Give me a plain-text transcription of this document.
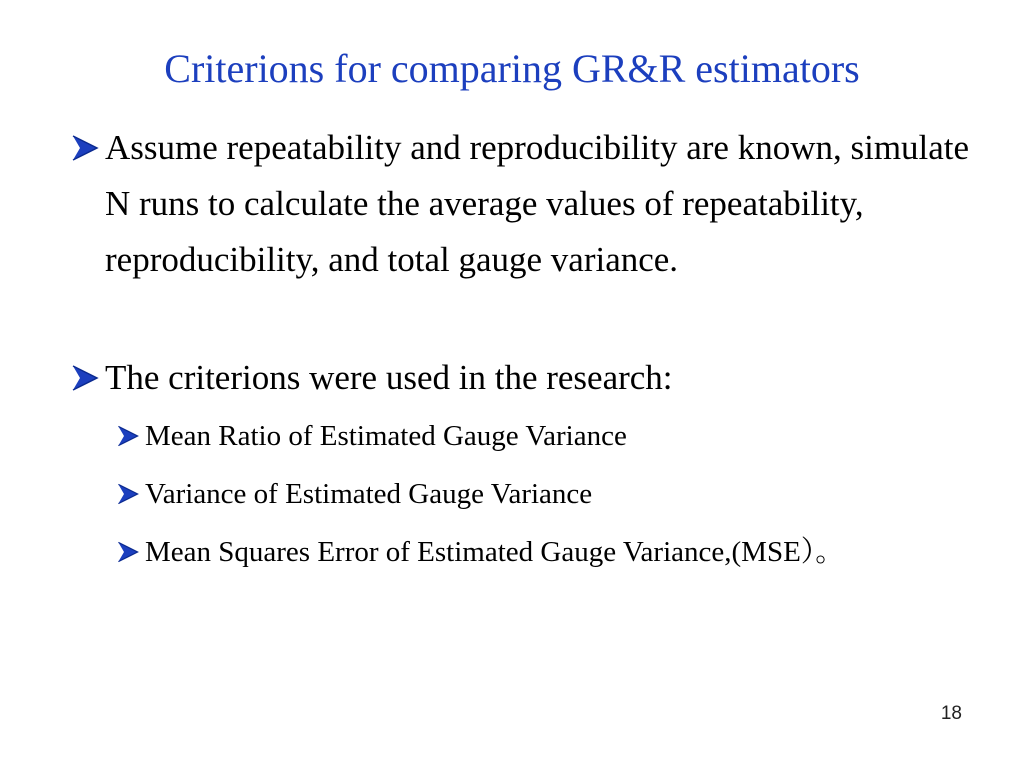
Criterions for comparing GR&R estimators
Assume repeatability and reproducibility are known, simulate N runs to calculate the average values of repeatability, reproducibility, and total gauge variance.
The criterions were used in the research:
Mean Ratio of Estimated Gauge Variance
Variance of Estimated Gauge Variance
Mean Squares Error of Estimated Gauge Variance,(MSE）。
18
